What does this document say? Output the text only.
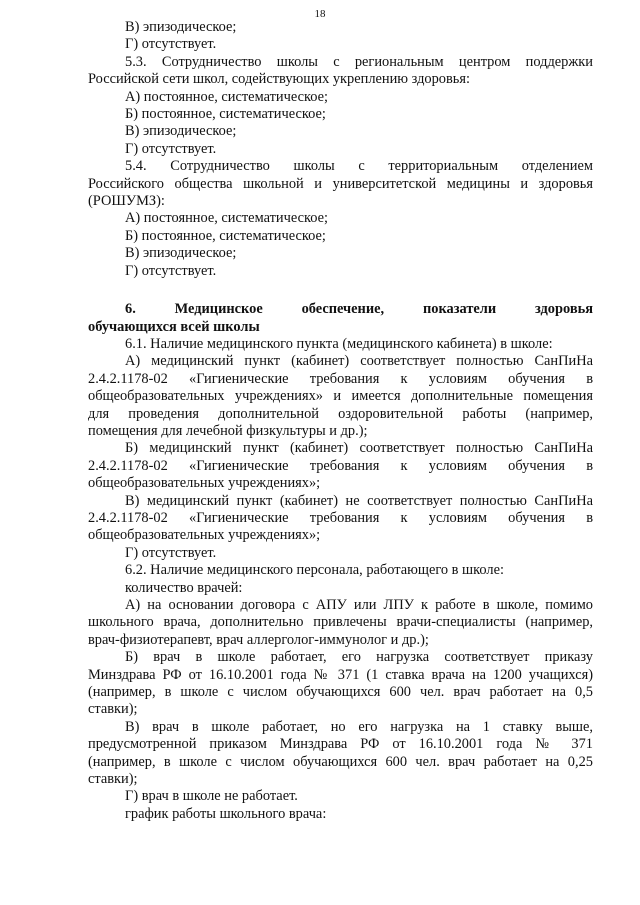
18

В) эпизодическое;

Г) отсутствует.

5.3. Сотрудничество школы с региональным центром поддержки

Российской сети школ, содействующих укреплению здоровья:

А) постоянное, систематическое;

Б) постоянное, систематическое;

В) эпизодическое;

Г) отсутствует.

5.4. Сотрудничество школы с территориальным отделением

Российского общества школьной и университетской медицины и здоровья

(РОШУМЗ):

А) постоянное, систематическое;

Б) постоянное, систематическое;

В) эпизодическое;

Г) отсутствует.

6. Медицинское обеспечение, показатели здоровья

обучающихся всей школы

6.1. Наличие медицинского пункта (медицинского кабинета) в школе:

А) медицинский пункт (кабинет) соответствует полностью СанПиНа

2.4.2.1178-02 «Гигиенические требования к условиям обучения в

общеобразовательных учреждениях» и имеется дополнительные помещения

для проведения дополнительной оздоровительной работы (например,

помещения для лечебной физкультуры и др.);

Б) медицинский пункт (кабинет) соответствует полностью СанПиНа

2.4.2.1178-02 «Гигиенические требования к условиям обучения в

общеобразовательных учреждениях»;

В) медицинский пункт (кабинет) не соответствует полностью СанПиНа

2.4.2.1178-02 «Гигиенические требования к условиям обучения в

общеобразовательных учреждениях»;

Г) отсутствует.

6.2. Наличие медицинского персонала, работающего в школе:

количество врачей:

А) на основании договора с АПУ или ЛПУ к работе в школе, помимо

школьного врача, дополнительно привлечены врачи-специалисты (например,

врач-физиотерапевт, врач аллерголог-иммунолог и др.);

Б) врач в школе работает, его нагрузка соответствует приказу

Минздрава РФ от 16.10.2001 года № 371 (1 ставка врача на 1200 учащихся)

(например, в школе с числом обучающихся 600 чел. врач работает на 0,5

ставки);

В) врач в школе работает, но его нагрузка на 1 ставку выше,

предусмотренной приказом Минздрава РФ от 16.10.2001 года № 371

(например, в школе с числом обучающихся 600 чел. врач работает на 0,25

ставки);

Г) врач в школе не работает.

график работы школьного врача:
